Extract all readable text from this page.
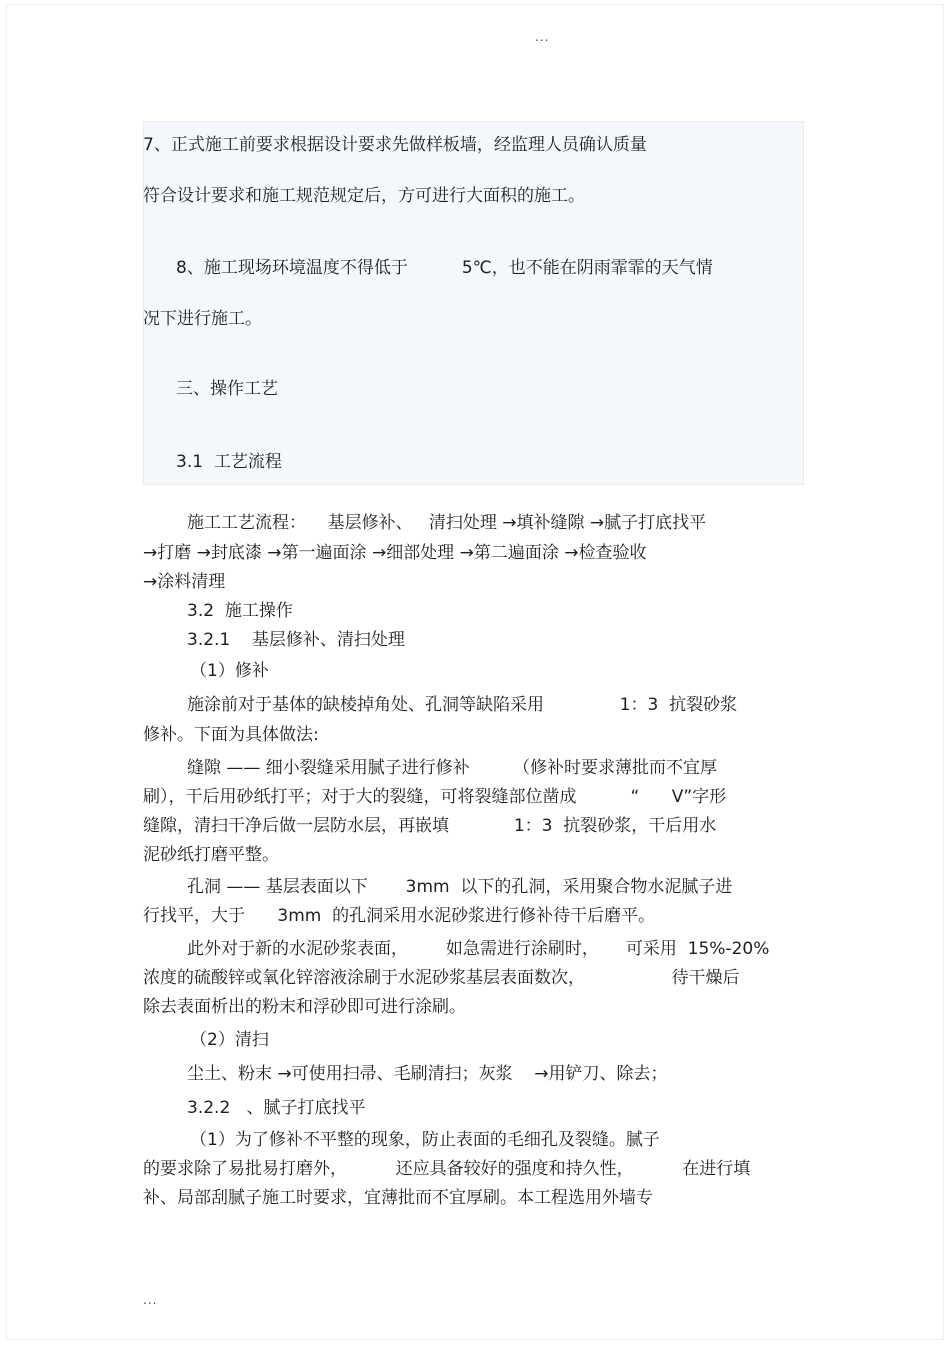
...
7、正式施工前要求根据设计要求先做样板墙，经监理人员确认质量
符合设计要求和施工规范规定后，方可进行大面积的施工。
8、施工现场环境温度不得低于          5℃，也不能在阴雨霏霏的天气情
况下进行施工。
三、操作工艺
3.1  工艺流程
施工工艺流程：    基层修补、   清扫处理 →填补缝隙 →腻子打底找平
→打磨 →封底漆 →第一遍面涂 →细部处理 →第二遍面涂 →检查验收
→涂料清理
3.2  施工操作
3.2.1    基层修补、清扫处理
（1）修补
施涂前对于基体的缺棱掉角处、孔洞等缺陷采用              1：3  抗裂砂浆
修补。下面为具体做法:
缝隙 —— 细小裂缝采用腻子进行修补        （修补时要求薄批而不宜厚
刷），干后用砂纸打平；对于大的裂缝，可将裂缝部位凿成          “      V”字形
缝隙，清扫干净后做一层防水层，再嵌填            1：3  抗裂砂浆，干后用水
泥砂纸打磨平整。
孔洞 —— 基层表面以下       3mm  以下的孔洞，采用聚合物水泥腻子进
行找平，大于      3mm  的孔洞采用水泥砂浆进行修补待干后磨平。
此外对于新的水泥砂浆表面，       如急需进行涂刷时，     可采用  15%-20%
浓度的硫酸锌或氧化锌溶液涂刷于水泥砂浆基层表面数次，                待干燥后
除去表面析出的粉末和浮砂即可进行涂刷。
（2）清扫
尘土、粉末 →可使用扫帚、毛刷清扫；灰浆    →用铲刀、除去；
3.2.2   、腻子打底找平
（1）为了修补不平整的现象，防止表面的毛细孔及裂缝。腻子
的要求除了易批易打磨外，         还应具备较好的强度和持久性，         在进行填
补、局部刮腻子施工时要求，宜薄批而不宜厚刷。本工程选用外墙专
...
